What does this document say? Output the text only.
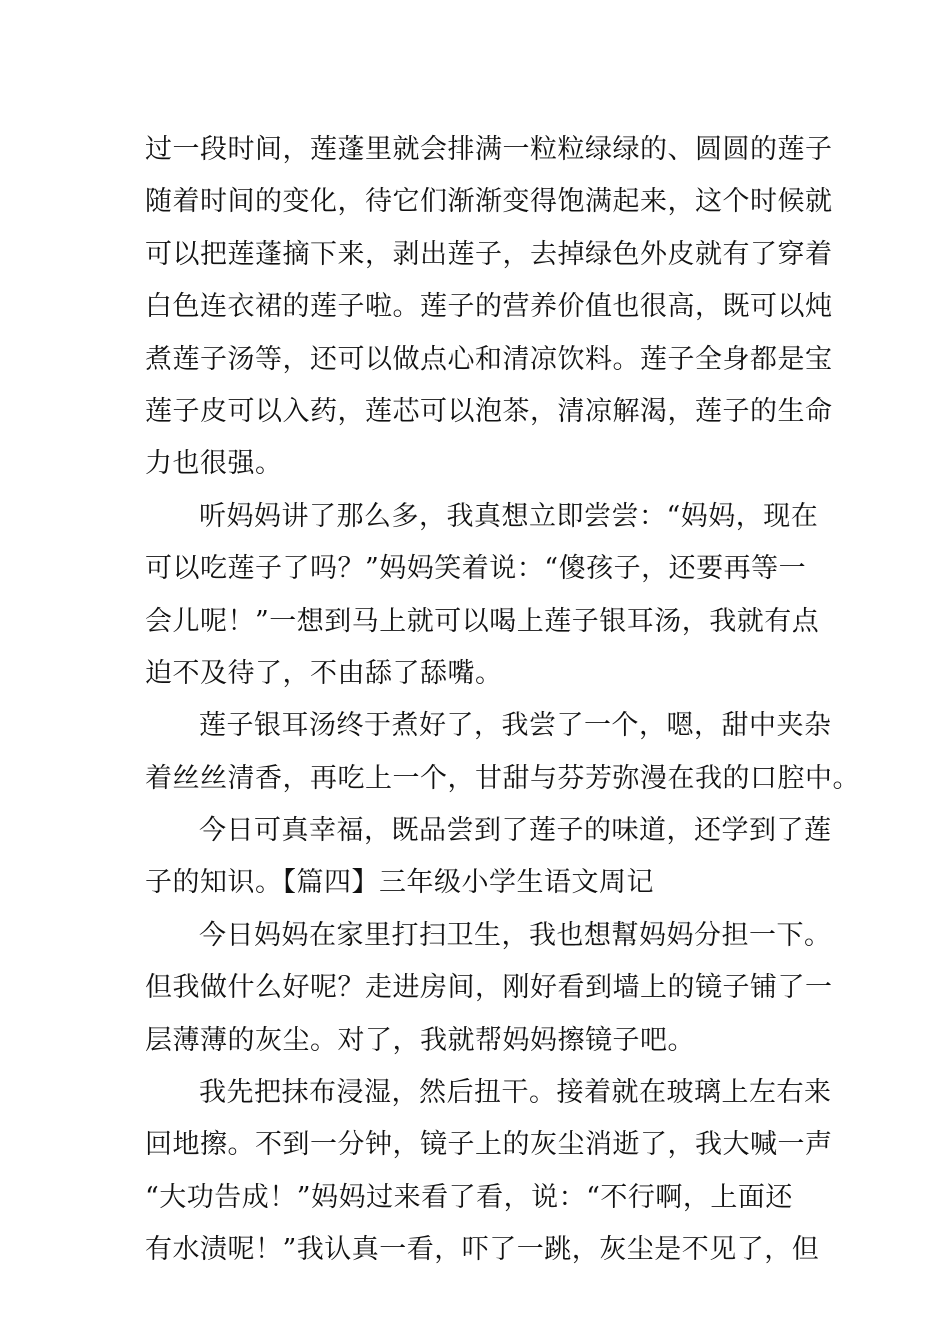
过一段时间，莲蓬里就会排满一粒粒绿绿的、圆圆的莲子
随着时间的变化，待它们渐渐变得饱满起来，这个时候就
可以把莲蓬摘下来，剥出莲子，去掉绿色外皮就有了穿着
白色连衣裙的莲子啦。莲子的营养价值也很高，既可以炖
煮莲子汤等，还可以做点心和清凉饮料。莲子全身都是宝
莲子皮可以入药，莲芯可以泡茶，清凉解渴，莲子的生命
力也很强。
听妈妈讲了那么多，我真想立即尝尝：“妈妈，现在
可以吃莲子了吗？”妈妈笑着说：“傻孩子，还要再等一
会儿呢！”一想到马上就可以喝上莲子银耳汤，我就有点
迫不及待了，不由舔了舔嘴。
莲子银耳汤终于煮好了，我尝了一个，嗯，甜中夹杂
着丝丝清香，再吃上一个，甘甜与芬芳弥漫在我的口腔中。
今日可真幸福，既品尝到了莲子的味道，还学到了莲
子的知识。【篇四】三年级小学生语文周记
今日妈妈在家里打扫卫生，我也想幫妈妈分担一下。
但我做什么好呢？走进房间，刚好看到墙上的镜子铺了一
层薄薄的灰尘。对了，我就帮妈妈擦镜子吧。
我先把抹布浸湿，然后扭干。接着就在玻璃上左右来
回地擦。不到一分钟，镜子上的灰尘消逝了，我大喊一声
“大功告成！”妈妈过来看了看，说：“不行啊，上面还
有水渍呢！”我认真一看，吓了一跳，灰尘是不见了，但
